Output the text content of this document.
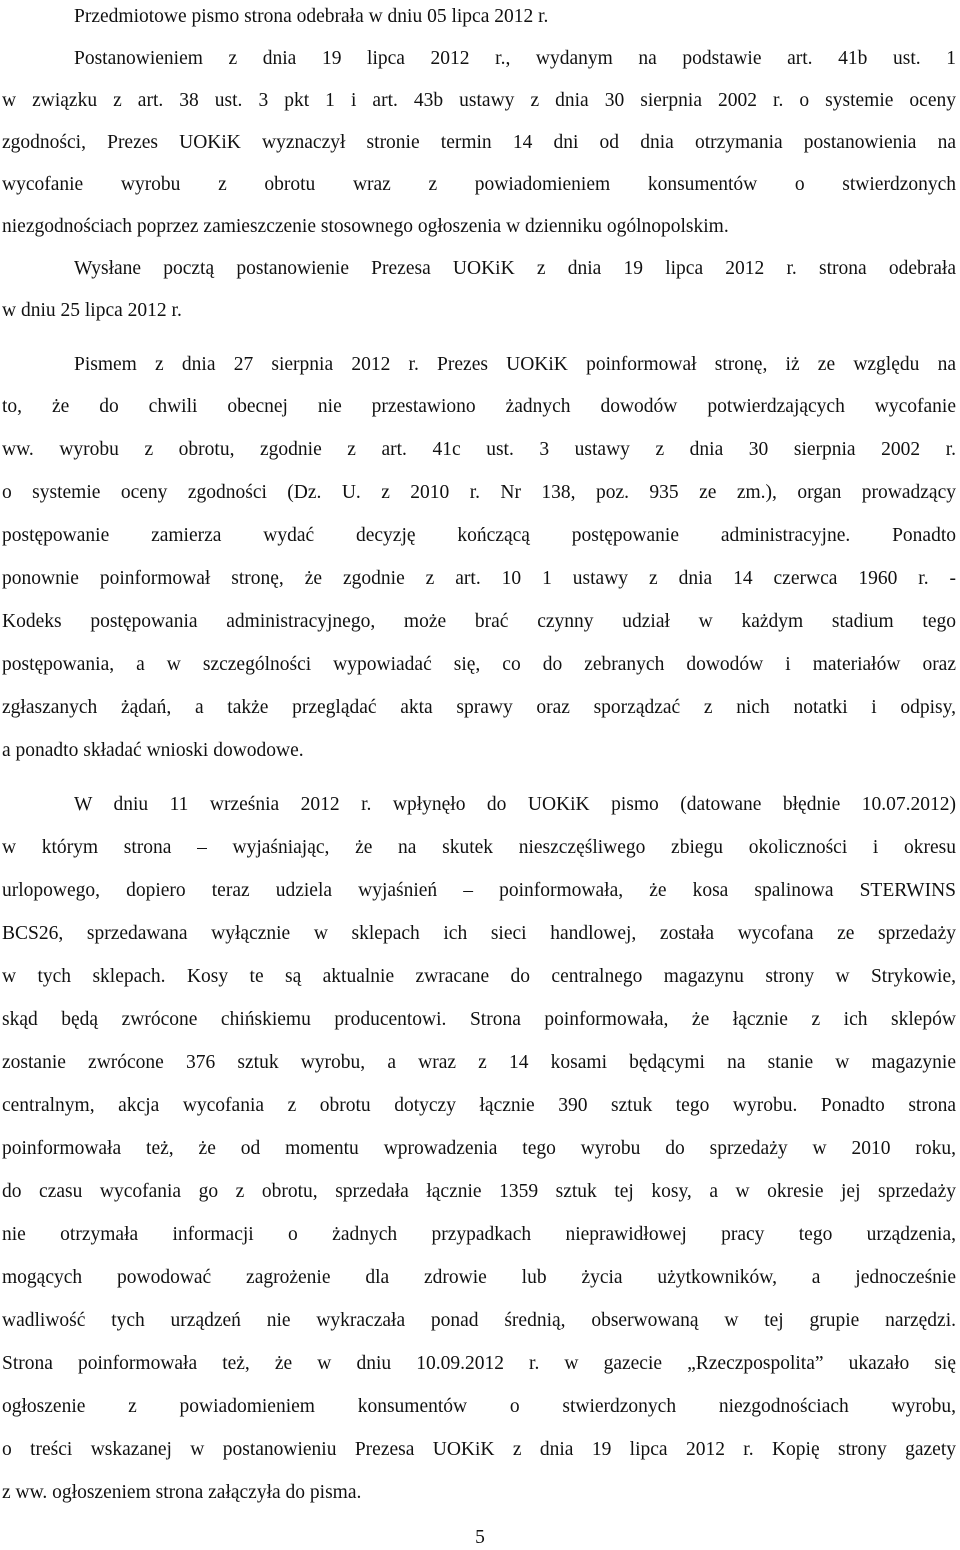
Przedmiotowe pismo strona odebrała w dniu 05 lipca 2012 r.
Postanowieniem z dnia 19 lipca 2012 r., wydanym na podstawie art. 41b ust. 1
w związku z art. 38 ust. 3 pkt 1 i art. 43b ustawy z dnia 30 sierpnia 2002 r. o systemie oceny
zgodności, Prezes UOKiK wyznaczył stronie termin 14 dni od dnia otrzymania postanowienia na
wycofanie wyrobu z obrotu wraz z powiadomieniem konsumentów o stwierdzonych
niezgodnościach poprzez zamieszczenie stosownego ogłoszenia w dzienniku ogólnopolskim.
Wysłane pocztą postanowienie Prezesa UOKiK z dnia 19 lipca 2012 r. strona odebrała
w dniu 25 lipca 2012 r.
Pismem z dnia 27 sierpnia 2012 r. Prezes UOKiK poinformował stronę, iż ze względu na
to, że do chwili obecnej nie przestawiono żadnych dowodów potwierdzających wycofanie
ww. wyrobu z obrotu, zgodnie z art. 41c ust. 3 ustawy z dnia 30 sierpnia 2002 r.
o systemie oceny zgodności (Dz. U. z 2010 r. Nr 138, poz. 935 ze zm.), organ prowadzący
postępowanie zamierza wydać decyzję kończącą postępowanie administracyjne. Ponadto
ponownie poinformował stronę, że zgodnie z art. 10 1 ustawy z dnia 14 czerwca 1960 r. -
Kodeks postępowania administracyjnego, może brać czynny udział w każdym stadium tego
postępowania, a w szczególności wypowiadać się, co do zebranych dowodów i materiałów oraz
zgłaszanych żądań, a także przeglądać akta sprawy oraz sporządzać z nich notatki i odpisy,
a ponadto składać wnioski dowodowe.
W dniu 11 września 2012 r. wpłynęło do UOKiK pismo (datowane błędnie 10.07.2012)
w którym strona – wyjaśniając, że na skutek nieszczęśliwego zbiegu okoliczności i okresu
urlopowego, dopiero teraz udziela wyjaśnień – poinformowała, że kosa spalinowa STERWINS
BCS26, sprzedawana wyłącznie w sklepach ich sieci handlowej, została wycofana ze sprzedaży
w tych sklepach. Kosy te są aktualnie zwracane do centralnego magazynu strony w Strykowie,
skąd będą zwrócone chińskiemu producentowi. Strona poinformowała, że łącznie z ich sklepów
zostanie zwrócone 376 sztuk wyrobu, a wraz z 14 kosami będącymi na stanie w magazynie
centralnym, akcja wycofania z obrotu dotyczy łącznie 390 sztuk tego wyrobu. Ponadto strona
poinformowała też, że od momentu wprowadzenia tego wyrobu do sprzedaży w 2010 roku,
do czasu wycofania go z obrotu, sprzedała łącznie 1359 sztuk tej kosy, a w okresie jej sprzedaży
nie otrzymała informacji o żadnych przypadkach nieprawidłowej pracy tego urządzenia,
mogących powodować zagrożenie dla zdrowie lub życia użytkowników, a jednocześnie
wadliwość tych urządzeń nie wykraczała ponad średnią, obserwowaną w tej grupie narzędzi.
Strona poinformowała też, że w dniu 10.09.2012 r. w gazecie „Rzeczpospolita” ukazało się
ogłoszenie z powiadomieniem konsumentów o stwierdzonych niezgodnościach wyrobu,
o treści wskazanej w postanowieniu Prezesa UOKiK z dnia 19 lipca 2012 r. Kopię strony gazety
z ww. ogłoszeniem strona załączyła do pisma.
5
